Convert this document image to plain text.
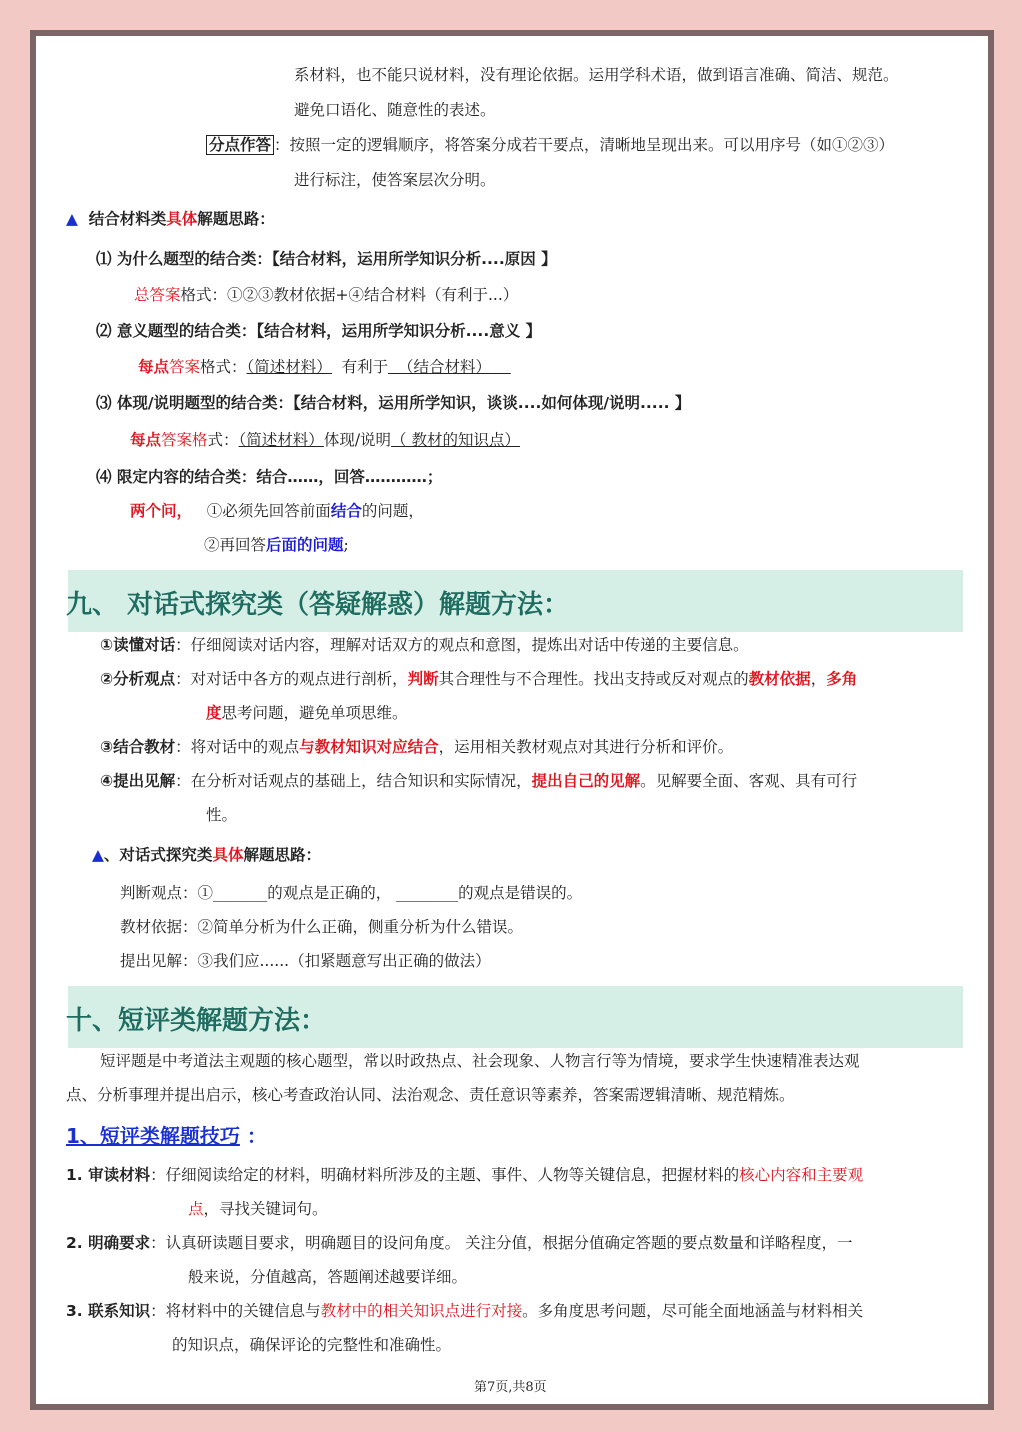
系材料，也不能只说材料，没有理论依据。运用学科术语，做到语言准确、简洁、规范。
避免口语化、随意性的表述。
分点作答 ：按照一定的逻辑顺序，将答案分成若干要点，清晰地呈现出来。可以用序号（如①②③）
进行标注，使答案层次分明。
▲ 结合材料类具体解题思路：
⑴ 为什么题型的结合类：【结合材料，运用所学知识分析....原因 】
总答案格式：①②③教材依据+④结合材料（有利于...）
⑵ 意义题型的结合类：【结合材料，运用所学知识分析....意义 】
每点答案格式：（简述材料） 有利于 （结合材料）
⑶ 体现/说明题型的结合类：【结合材料，运用所学知识，谈谈....如何体现/说明..... 】
每点答案格式：（简述材料）体现/说明（ 教材的知识点）
⑷ 限定内容的结合类：结合……，回答…………；
两个问， ①必须先回答前面结合的问题，
②再回答后面的问题;
九、 对话式探究类（答疑解惑）解题方法：
①读懂对话：仔细阅读对话内容，理解对话双方的观点和意图，提炼出对话中传递的主要信息。
②分析观点：对对话中各方的观点进行剖析，判断其合理性与不合理性。找出支持或反对观点的教材依据，多角
度思考问题，避免单项思维。
③结合教材：将对话中的观点与教材知识对应结合，运用相关教材观点对其进行分析和评价。
④提出见解：在分析对话观点的基础上，结合知识和实际情况，提出自己的见解。见解要全面、客观、具有可行
性。
▲、对话式探究类具体解题思路：
判断观点：①_______的观点是正确的， ________的观点是错误的。
教材依据：②简单分析为什么正确，侧重分析为什么错误。
提出见解：③我们应......（扣紧题意写出正确的做法）
十、短评类解题方法：
短评题是中考道法主观题的核心题型，常以时政热点、社会现象、人物言行等为情境，要求学生快速精准表达观
点、分析事理并提出启示，核心考查政治认同、法治观念、责任意识等素养，答案需逻辑清晰、规范精炼。
1、短评类解题技巧 ：
1. 审读材料：仔细阅读给定的材料，明确材料所涉及的主题、事件、人物等关键信息，把握材料的核心内容和主要观
点，寻找关键词句。
2. 明确要求：认真研读题目要求，明确题目的设问角度。 关注分值，根据分值确定答题的要点数量和详略程度，一
般来说，分值越高，答题阐述越要详细。
3. 联系知识：将材料中的关键信息与教材中的相关知识点进行对接。多角度思考问题，尽可能全面地涵盖与材料相关
的知识点，确保评论的完整性和准确性。
第7页,共8页
